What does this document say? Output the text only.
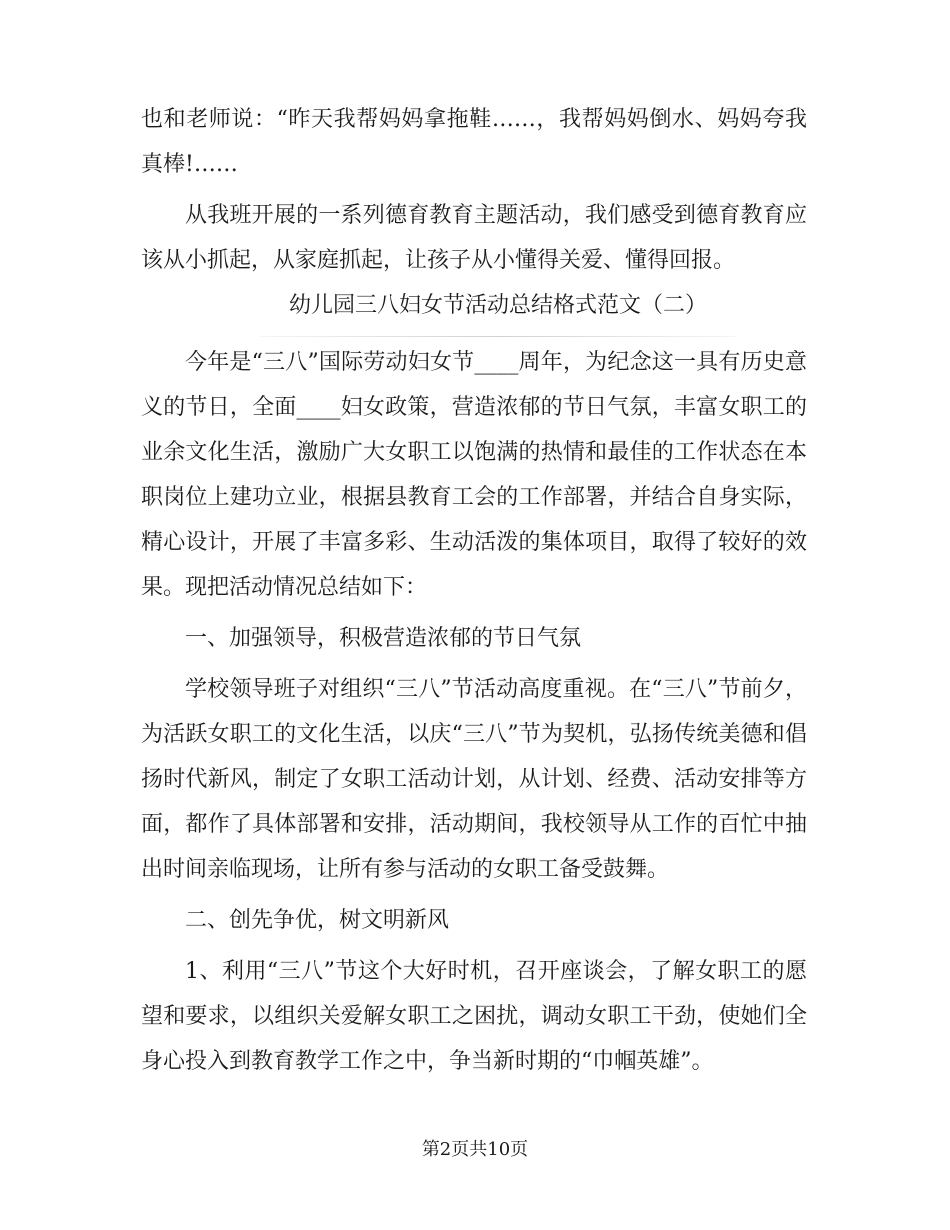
也和老师说：“昨天我帮妈妈拿拖鞋……，我帮妈妈倒水、妈妈夸我真棒!……

从我班开展的一系列德育教育主题活动，我们感受到德育教育应该从小抓起，从家庭抓起，让孩子从小懂得关爱、懂得回报。

幼儿园三八妇女节活动总结格式范文（二）

今年是“三八”国际劳动妇女节____周年，为纪念这一具有历史意义的节日，全面____妇女政策，营造浓郁的节日气氛，丰富女职工的业余文化生活，激励广大女职工以饱满的热情和最佳的工作状态在本职岗位上建功立业，根据县教育工会的工作部署，并结合自身实际，精心设计，开展了丰富多彩、生动活泼的集体项目，取得了较好的效果。现把活动情况总结如下：

一、加强领导，积极营造浓郁的节日气氛

学校领导班子对组织“三八”节活动高度重视。在“三八”节前夕，为活跃女职工的文化生活，以庆“三八”节为契机，弘扬传统美德和倡扬时代新风，制定了女职工活动计划，从计划、经费、活动安排等方面，都作了具体部署和安排，活动期间，我校领导从工作的百忙中抽出时间亲临现场，让所有参与活动的女职工备受鼓舞。

二、创先争优，树文明新风

1、利用“三八”节这个大好时机，召开座谈会，了解女职工的愿望和要求，以组织关爱解女职工之困扰，调动女职工干劲，使她们全身心投入到教育教学工作之中，争当新时期的“巾帼英雄”。

第2页共10页
